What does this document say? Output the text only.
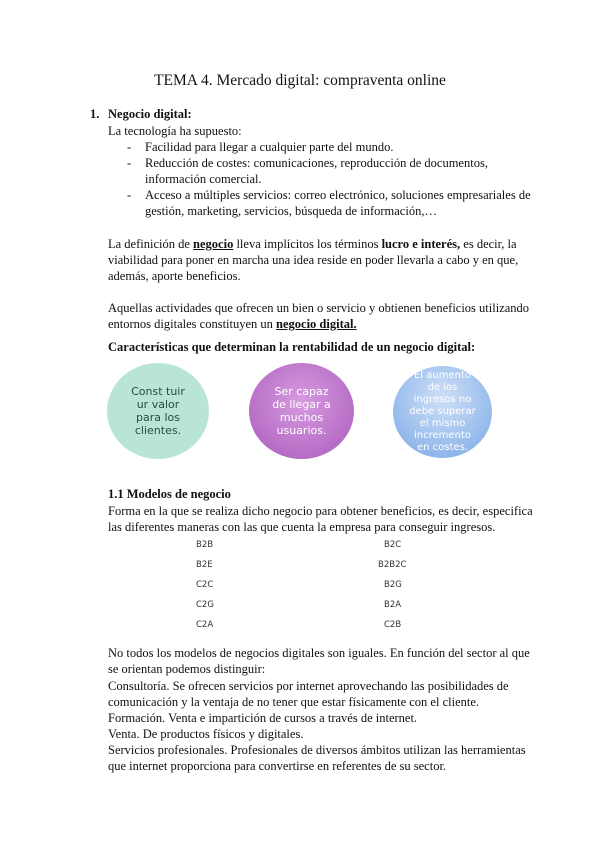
TEMA 4. Mercado digital: compraventa online
1. Negocio digital:
La tecnología ha supuesto:
- Facilidad para llegar a cualquier parte del mundo.
- Reducción de costes: comunicaciones, reproducción de documentos,
información comercial.
- Acceso a múltiples servicios: correo electrónico, soluciones empresariales de
gestión, marketing, servicios, búsqueda de información,…
La definición de negocio lleva implícitos los términos lucro e interés, es decir, la
viabilidad para poner en marcha una idea reside en poder llevarla a cabo y en que,
además, aporte beneficios.
Aquellas actividades que ofrecen un bien o servicio y obtienen beneficios utilizando
entornos digitales constituyen un negocio digital.
Características que determinan la rentabilidad de un negocio digital:
Const tuir
ur valor
para los
clientes.
Ser capaz
de llegar a
muchos
usuarios.
El aumento
de los
ingresos no
debe superar
el mismo
incremento
en costes.
1.1 Modelos de negocio
Forma en la que se realiza dicho negocio para obtener beneficios, es decir, especifica
las diferentes maneras con las que cuenta la empresa para conseguir ingresos.
B2B
B2E
C2C
C2G
C2A
B2C
B2B2C
B2G
B2A
C2B
No todos los modelos de negocios digitales son iguales. En función del sector al que
se orientan podemos distinguir:
Consultoría. Se ofrecen servicios por internet aprovechando las posibilidades de
comunicación y la ventaja de no tener que estar físicamente con el cliente.
Formación. Venta e impartición de cursos a través de internet.
Venta. De productos físicos y digitales.
Servicios profesionales. Profesionales de diversos ámbitos utilizan las herramientas
que internet proporciona para convertirse en referentes de su sector.
